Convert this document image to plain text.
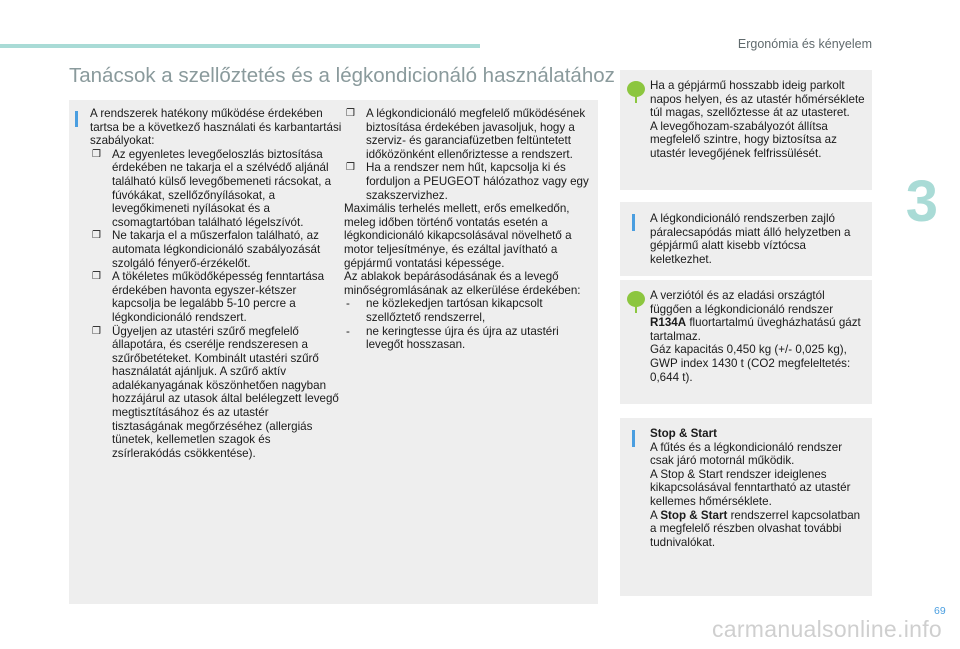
Ergonómia és kényelem
3
Tanácsok a szellőztetés és a légkondicionáló használatához
A rendszerek hatékony működése érdekében tartsa be a következő használati és karbantartási szabályokat:
❒ Az egyenletes levegőeloszlás biztosítása érdekében ne takarja el a szélvédő aljánál található külső levegőbemeneti rácsokat, a fúvókákat, szellőzőnyílásokat, a levegőkimeneti nyílásokat és a csomagtartóban található légelszívót.
❒ Ne takarja el a műszerfalon található, az automata légkondicionáló szabályozását szolgáló fényerő-érzékelőt.
❒ A tökéletes működőképesség fenntartása érdekében havonta egyszer-kétszer kapcsolja be legalább 5-10 percre a légkondicionáló rendszert.
❒ Ügyeljen az utastéri szűrő megfelelő állapotára, és cserélje rendszeresen a szűrőbetéteket. Kombinált utastéri szűrő használatát ajánljuk. A szűrő aktív adalékanyagának köszönhetően nagyban hozzájárul az utasok által belélegzett levegő megtisztításához és az utastér tisztaságának megőrzéséhez (allergiás tünetek, kellemetlen szagok és zsírlerakódás csökkentése).
❒ A légkondicionáló megfelelő működésének biztosítása érdekében javasoljuk, hogy a szerviz- és garanciafüzetben feltüntetett időközönként ellenőriztesse a rendszert.
❒ Ha a rendszer nem hűt, kapcsolja ki és forduljon a PEUGEOT hálózathoz vagy egy szakszervizhez.
Maximális terhelés mellett, erős emelkedőn, meleg időben történő vontatás esetén a légkondicionáló kikapcsolásával növelhető a motor teljesítménye, és ezáltal javítható a gépjármű vontatási képessége.
Az ablakok bepárásodásának és a levegő minőségromlásának az elkerülése érdekében:
- ne közlekedjen tartósan kikapcsolt szellőztető rendszerrel,
- ne keringtesse újra és újra az utastéri levegőt hosszasan.
Ha a gépjármű hosszabb ideig parkolt napos helyen, és az utastér hőmérséklete túl magas, szellőztesse át az utasteret.
A levegőhozam-szabályozót állítsa megfelelő szintre, hogy biztosítsa az utastér levegőjének felfrissülését.
A légkondicionáló rendszerben zajló páralecsapódás miatt álló helyzetben a gépjármű alatt kisebb víztócsa keletkezhet.
A verziótól és az eladási országtól függően a légkondicionáló rendszer R134A fluortartalmú üvegházhatású gázt tartalmaz.
Gáz kapacitás 0,450 kg (+/- 0,025 kg), GWP index 1430 t (CO2 megfeleltetés: 0,644 t).
Stop & Start
A fűtés és a légkondicionáló rendszer csak járó motornál működik.
A Stop & Start rendszer ideiglenes kikapcsolásával fenntartható az utastér kellemes hőmérséklete.
A Stop & Start rendszerrel kapcsolatban a megfelelő részben olvashat további tudnivalókat.
69
carmanualsonline.info
